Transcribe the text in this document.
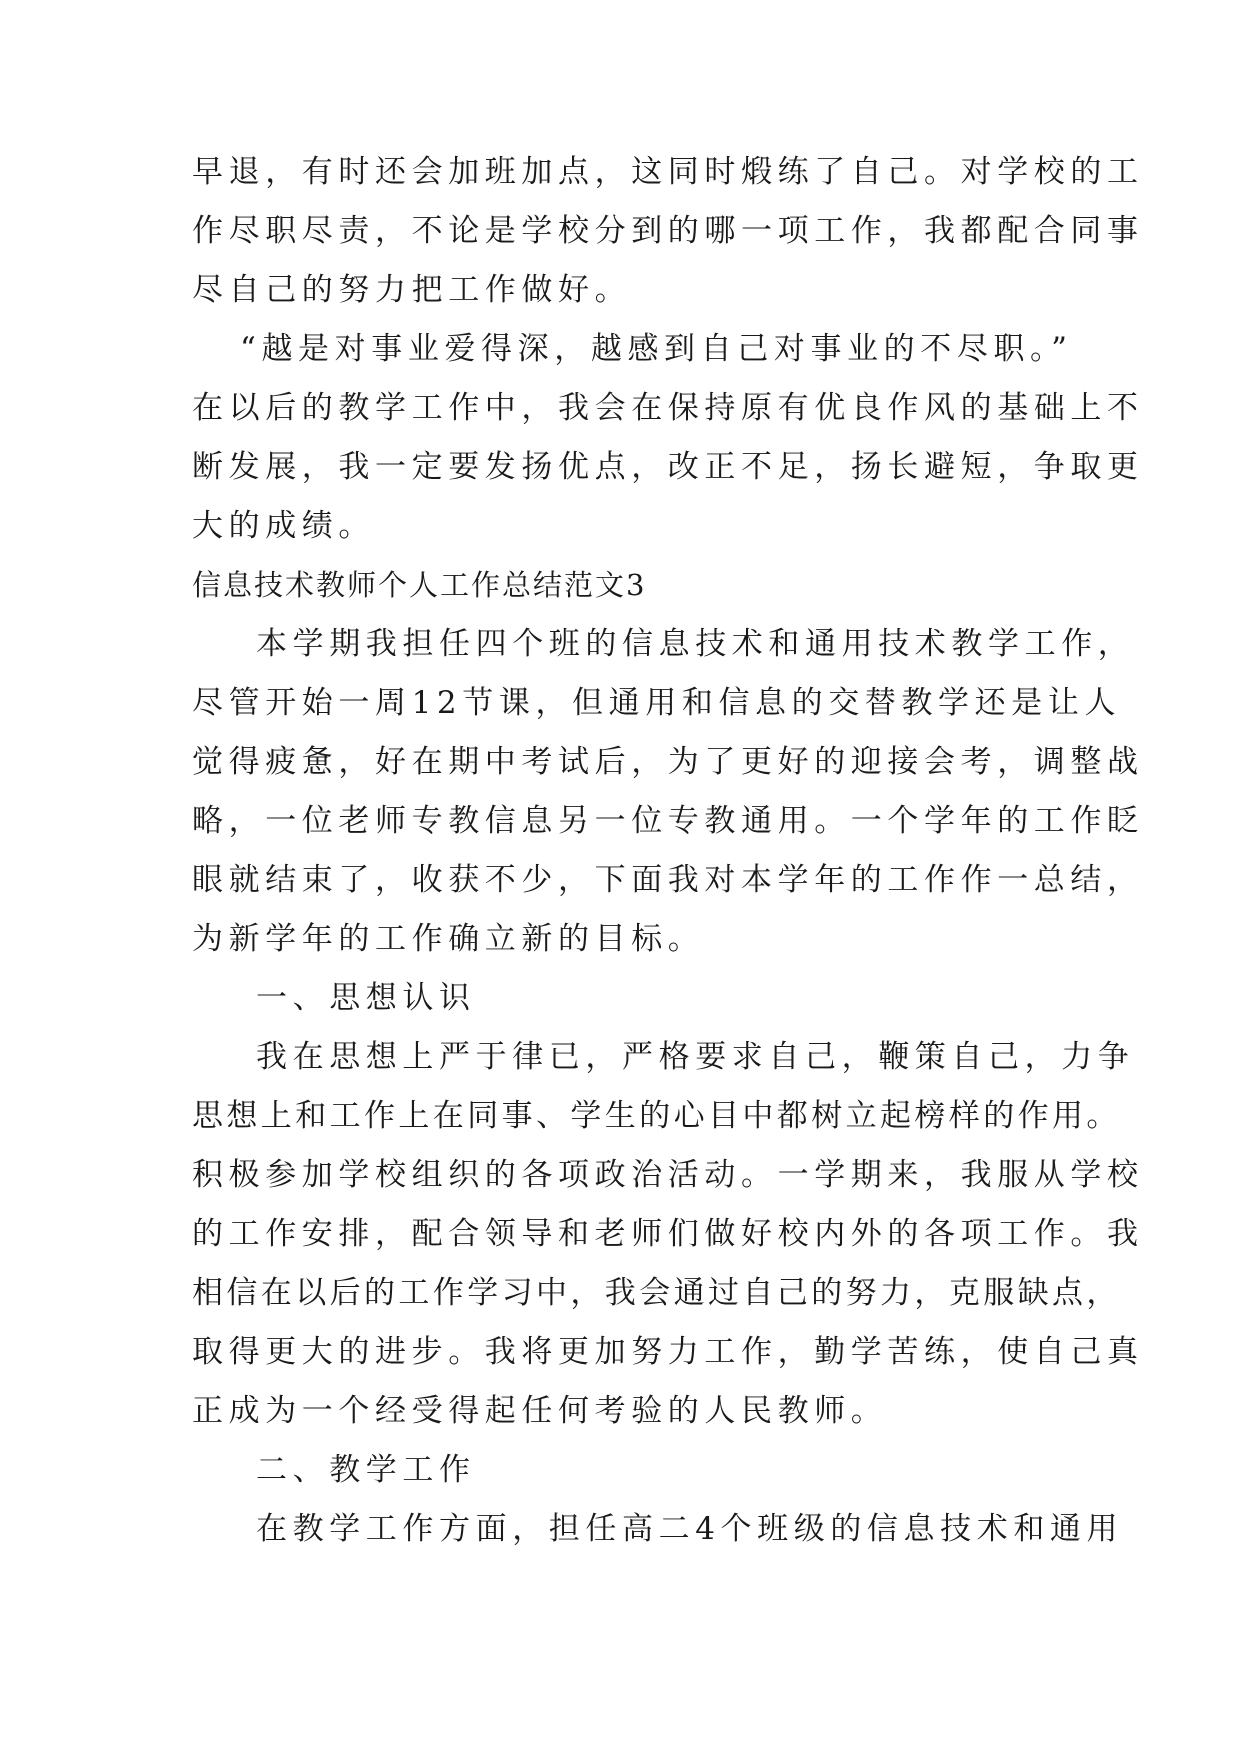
早退，有时还会加班加点，这同时煅练了自己。对学校的工
作尽职尽责，不论是学校分到的哪一项工作，我都配合同事
尽自己的努力把工作做好。
“越是对事业爱得深，越感到自己对事业的不尽职。”
在以后的教学工作中，我会在保持原有优良作风的基础上不
断发展，我一定要发扬优点，改正不足，扬长避短，争取更
大的成绩。
信息技术教师个人工作总结范文3
本学期我担任四个班的信息技术和通用技术教学工作，
尽管开始一周12节课，但通用和信息的交替教学还是让人
觉得疲惫，好在期中考试后，为了更好的迎接会考，调整战
略，一位老师专教信息另一位专教通用。一个学年的工作眨
眼就结束了，收获不少，下面我对本学年的工作作一总结，
为新学年的工作确立新的目标。
一、思想认识
我在思想上严于律已，严格要求自己，鞭策自己，力争
思想上和工作上在同事、学生的心目中都树立起榜样的作用。
积极参加学校组织的各项政治活动。一学期来，我服从学校
的工作安排，配合领导和老师们做好校内外的各项工作。我
相信在以后的工作学习中，我会通过自己的努力，克服缺点，
取得更大的进步。我将更加努力工作，勤学苦练，使自己真
正成为一个经受得起任何考验的人民教师。
二、教学工作
在教学工作方面，担任高二4个班级的信息技术和通用
